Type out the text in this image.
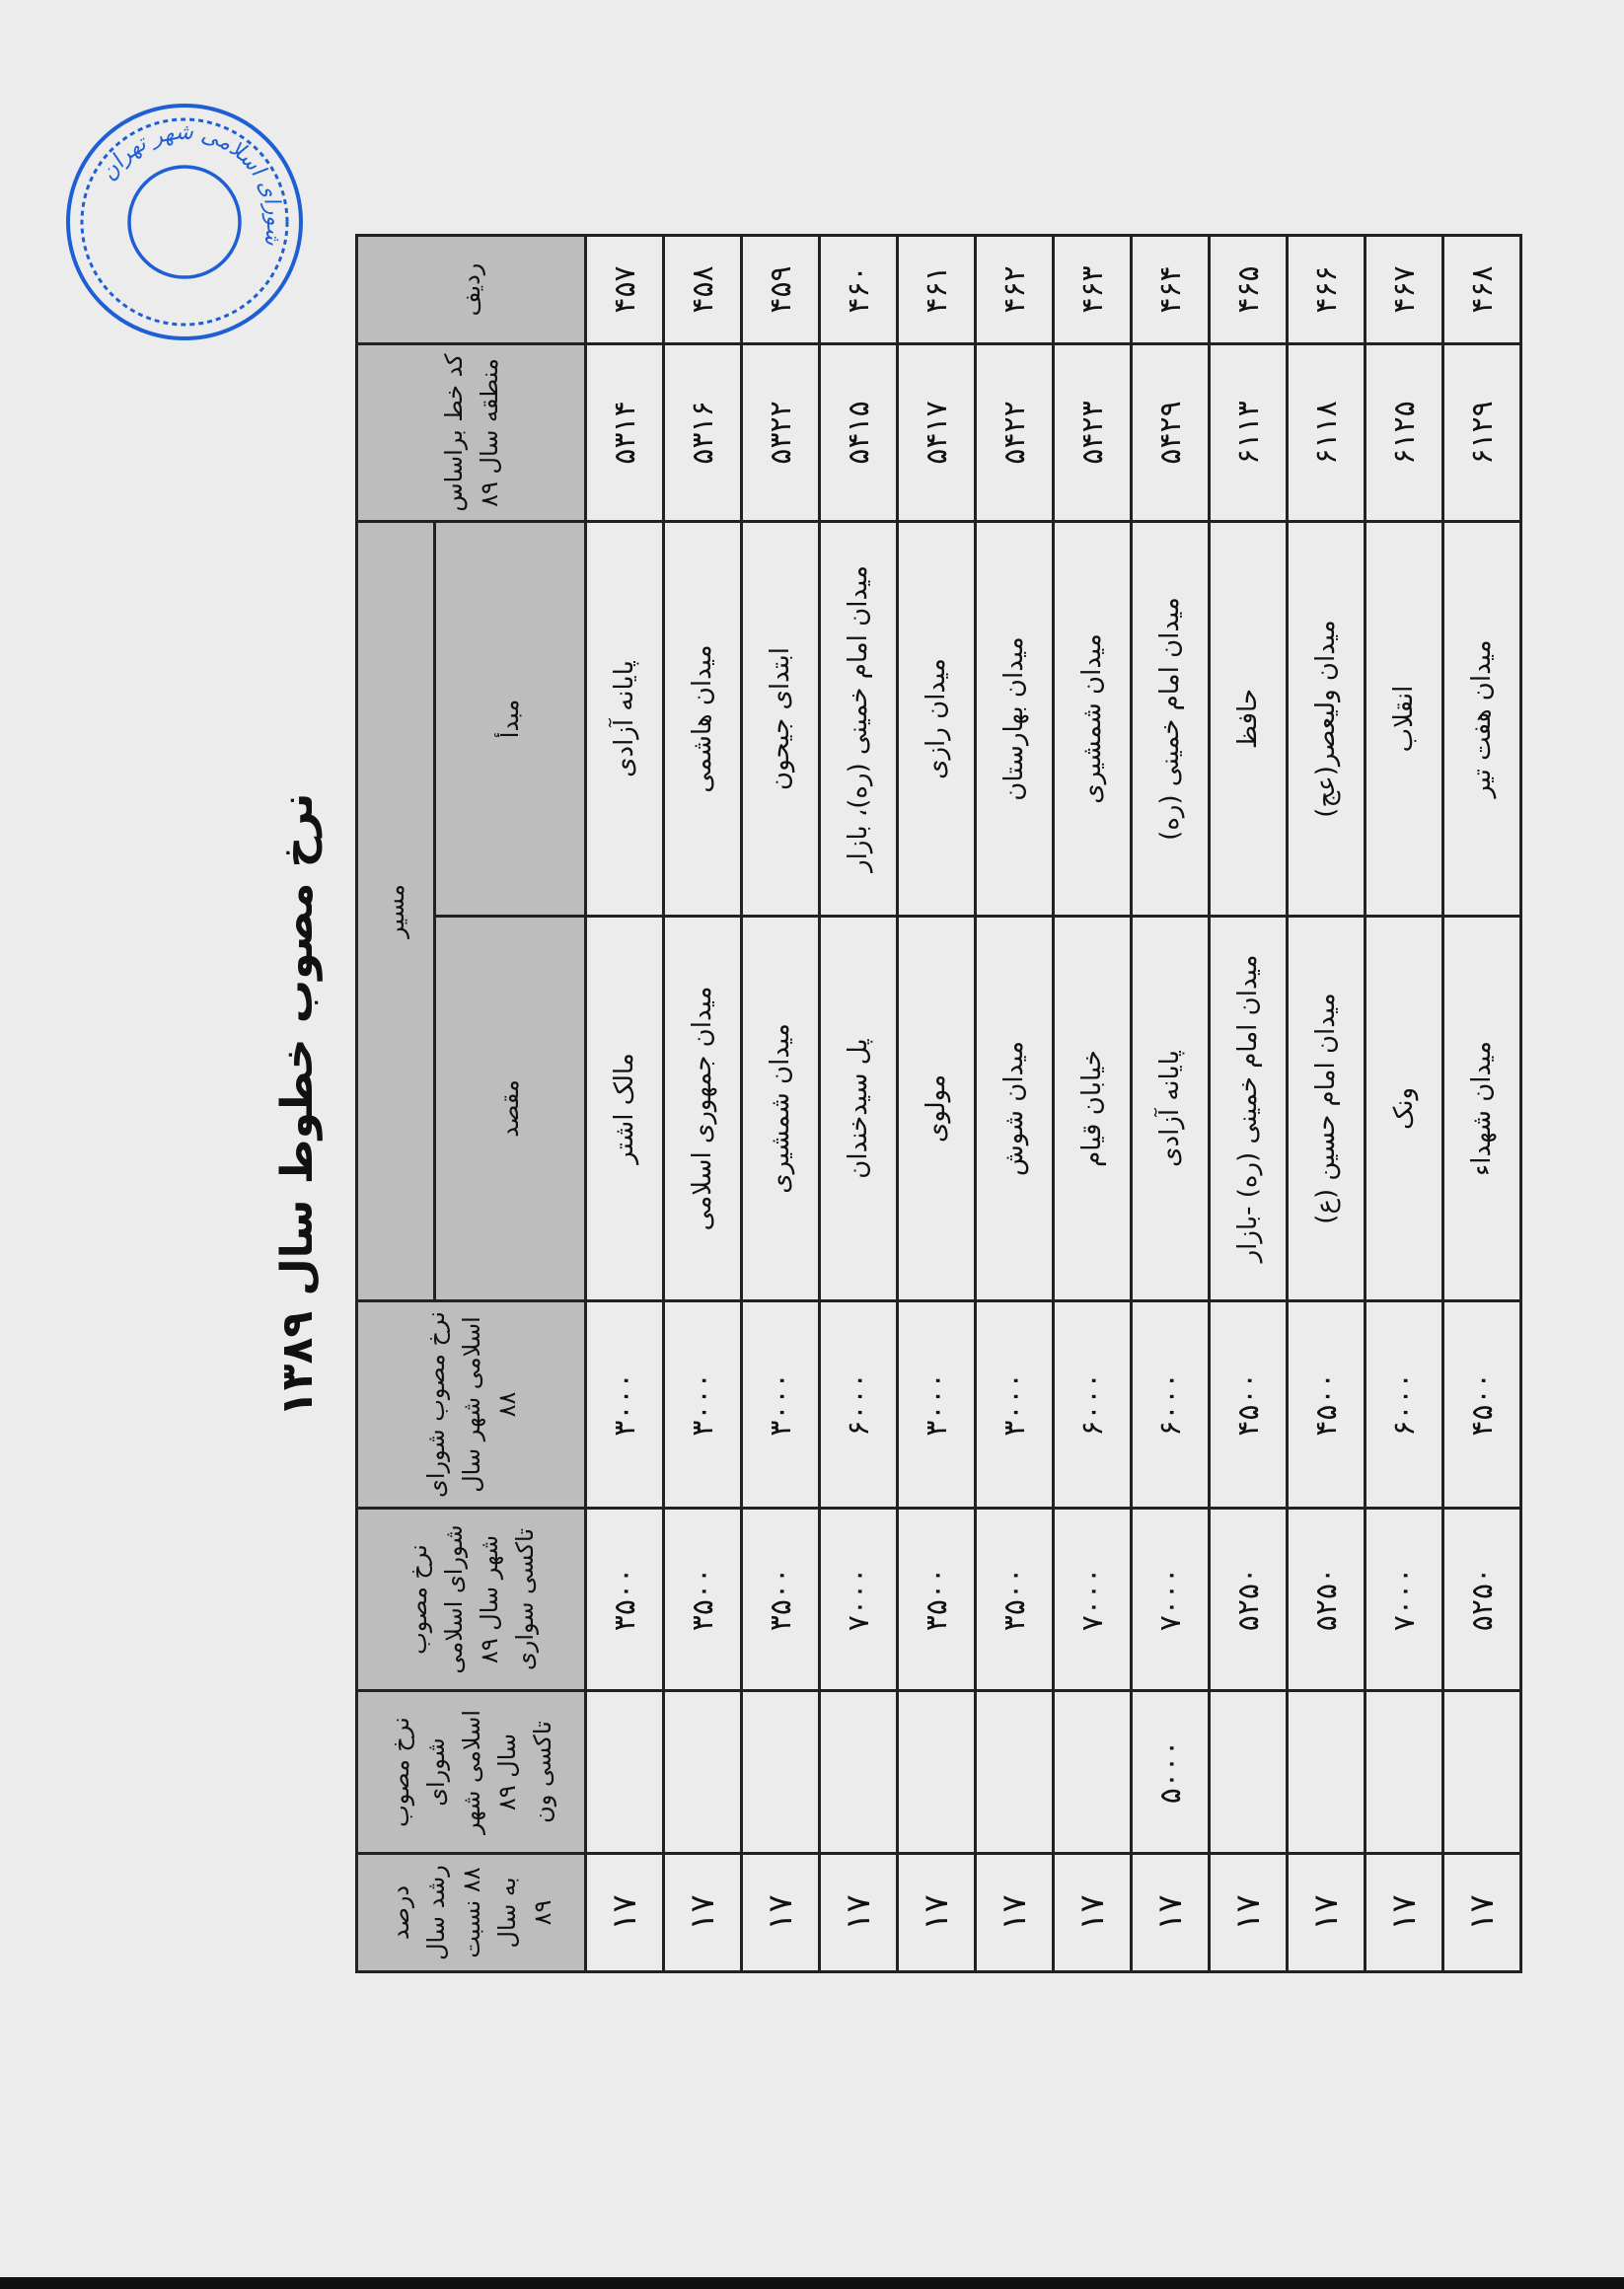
شورای اسلامی شهر تهران
نرخ مصوب خطوط سال ۱۳۸۹
ردیف	کد خط براساس منطقه سال ۸۹	مسیر		نرخ مصوب شورای اسلامی شهر سال ۸۸	نرخ مصوب شورای اسلامی شهر سال ۸۹ تاکسی سواری	نرخ مصوب شورای اسلامی شهر سال ۸۹ تاکسی ون	درصد رشد سال ۸۸ نسبت به سال ۸۹
		مبدأ	مقصد				
۴۵۷	۵۳۱۴	پایانه آزادی	مالک اشتر	۳۰۰۰	۳۵۰۰		۱۷
۴۵۸	۵۳۱۶	میدان هاشمی	میدان جمهوری اسلامی	۳۰۰۰	۳۵۰۰		۱۷
۴۵۹	۵۳۲۲	ابتدای جیحون	میدان شمشیری	۳۰۰۰	۳۵۰۰		۱۷
۴۶۰	۵۴۱۵	میدان امام خمینی (ره)، بازار	پل سیدخندان	۶۰۰۰	۷۰۰۰		۱۷
۴۶۱	۵۴۱۷	میدان رازی	مولوی	۳۰۰۰	۳۵۰۰		۱۷
۴۶۲	۵۴۲۲	میدان بهارستان	میدان شوش	۳۰۰۰	۳۵۰۰		۱۷
۴۶۳	۵۴۲۳	میدان شمشیری	خیابان قیام	۶۰۰۰	۷۰۰۰		۱۷
۴۶۴	۵۴۲۹	میدان امام خمینی (ره)	پایانه آزادی	۶۰۰۰	۷۰۰۰	۵۰۰۰	۱۷
۴۶۵	۶۱۱۳	حافظ	میدان امام خمینی (ره) -بازار	۴۵۰۰	۵۲۵۰		۱۷
۴۶۶	۶۱۱۸	میدان ولیعصر(عج)	میدان امام حسین (ع)	۴۵۰۰	۵۲۵۰		۱۷
۴۶۷	۶۱۲۵	انقلاب	ونک	۶۰۰۰	۷۰۰۰		۱۷
۴۶۸	۶۱۲۹	میدان هفت تیر	میدان شهداء	۴۵۰۰	۵۲۵۰		۱۷
